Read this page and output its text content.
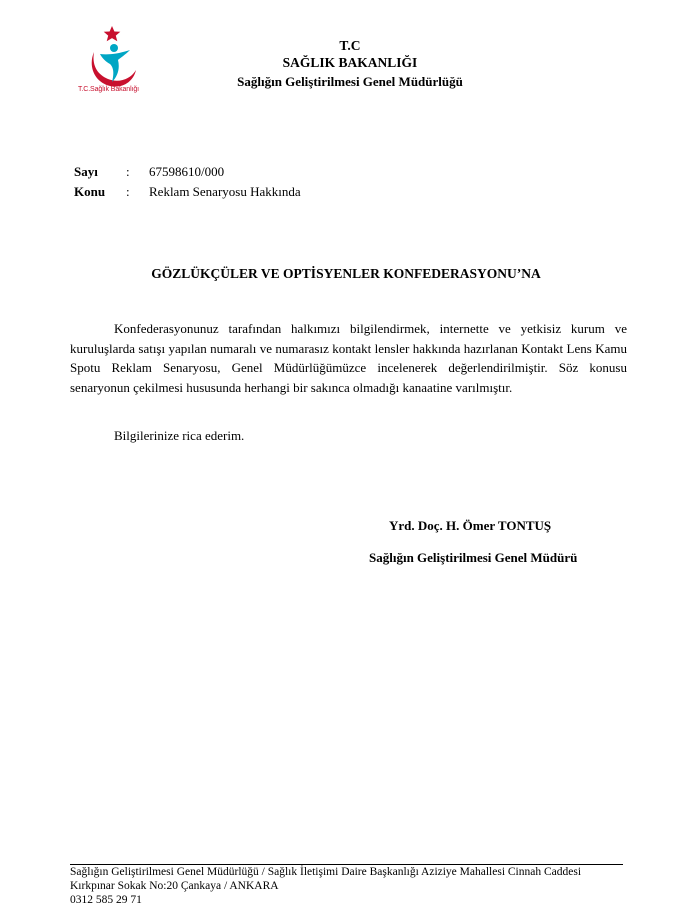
T.C.Sağlık Bakanlığı
T.C
SAĞLIK BAKANLIĞI
Sağlığın Geliştirilmesi Genel Müdürlüğü
Sayı : 67598610/000
Konu : Reklam Senaryosu Hakkında
GÖZLÜKÇÜLER VE OPTİSYENLER KONFEDERASYONU’NA

Konfederasyonunuz tarafından halkımızı bilgilendirmek, internette ve yetkisiz kurum ve kuruluşlarda satışı yapılan numaralı ve numarasız kontakt lensler hakkında hazırlanan Kontakt Lens Kamu Spotu Reklam Senaryosu, Genel Müdürlüğümüzce incelenerek değerlendirilmiştir. Söz konusu senaryonun çekilmesi hususunda herhangi bir sakınca olmadığı kanaatine varılmıştır.

Bilgilerinize rica ederim.
Yrd. Doç. H. Ömer TONTUŞ
Sağlığın Geliştirilmesi Genel Müdürü
Sağlığın Geliştirilmesi Genel Müdürlüğü / Sağlık İletişimi Daire Başkanlığı Aziziye Mahallesi Cinnah Caddesi
Kırkpınar Sokak No:20 Çankaya / ANKARA
0312 585 29 71
